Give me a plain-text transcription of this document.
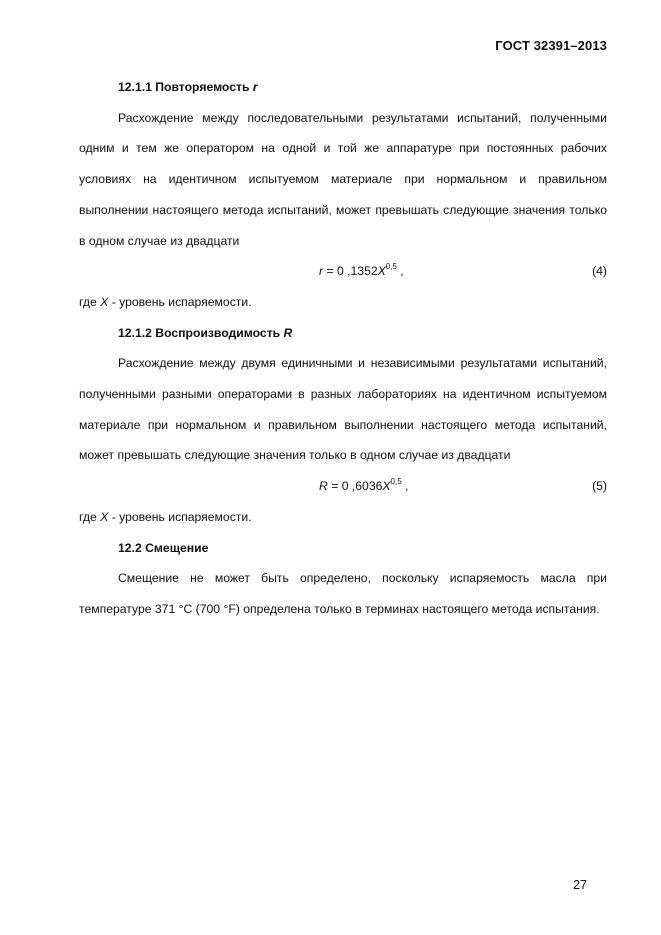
ГОСТ 32391–2013
12.1.1 Повторяемость r

Расхождение между последовательными результатами испытаний, полученными одним и тем же оператором на одной и той же аппаратуре при постоянных рабочих условиях на идентичном испытуемом материале при нормальном и правильном выполнении настоящего метода испытаний, может превышать следующие значения только в одном случае из двадцати

r = 0 $,1352X^{0,5}$ ,	(4)

где X - уровень испаряемости.

12.1.2 Воспроизводимость R

Расхождение между двумя единичными и независимыми результатами испытаний, полученными разными операторами в разных лабораториях на идентичном испытуемом материале при нормальном и правильном выполнении настоящего метода испытаний, может превышать следующие значения только в одном случае из двадцати

R = 0 $,6036X^{0,5}$ ,	(5)

где X - уровень испаряемости.

12.2 Смещение

Смещение не может быть определено, поскольку испаряемость масла при температуре 371 °С (700 °F) определена только в терминах настоящего метода испытания.

27
